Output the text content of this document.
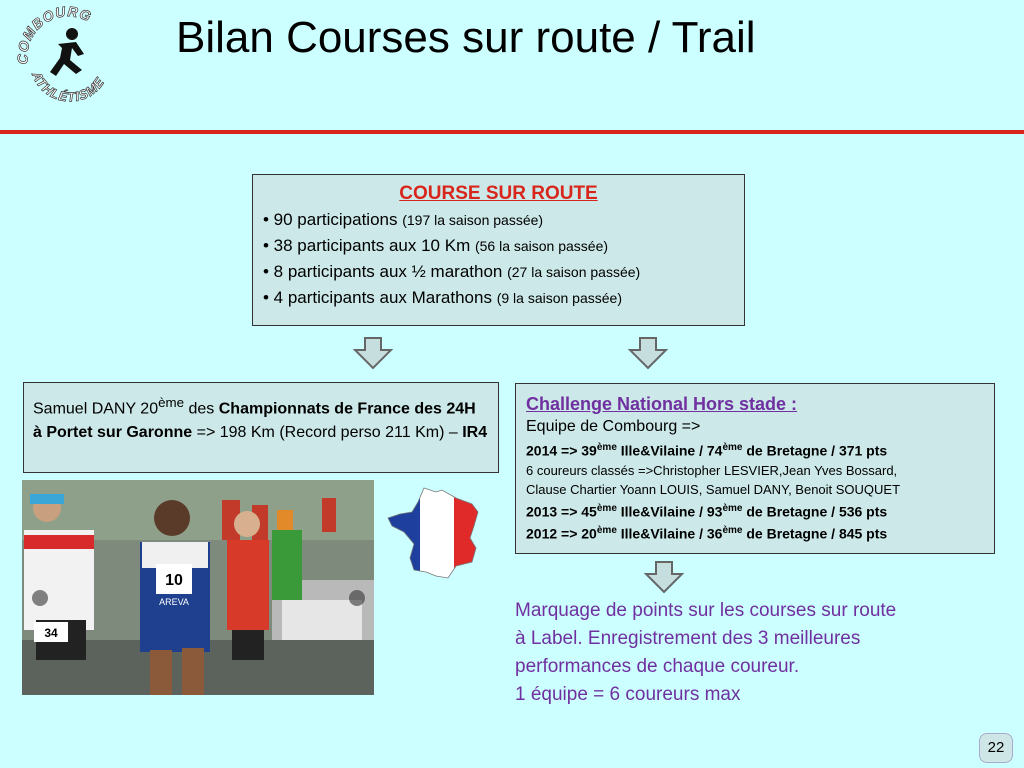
COMBOURG
ATHLÉTISME
Bilan Courses sur route / Trail
COURSE SUR ROUTE
• 90 participations (197 la saison passée)
• 38 participants aux 10 Km (56 la saison passée)
• 8 participants aux ½ marathon (27 la saison passée)
• 4 participants aux Marathons (9 la saison passée)

Samuel DANY 20ème des Championnats de France des 24H à Portet sur Garonne => 198 Km (Record perso 211 Km) – IR4

Challenge National Hors stade :
Equipe de Combourg =>
2014 => 39ème Ille&Vilaine / 74ème de Bretagne / 371 pts
6 coureurs classés =>Christopher LESVIER,Jean Yves Bossard,
Clause Chartier Yoann LOUIS, Samuel DANY, Benoit SOUQUET
2013 => 45ème Ille&Vilaine / 93ème de Bretagne / 536 pts
2012 => 20ème Ille&Vilaine / 36ème de Bretagne / 845 pts
34
10
AREVA	Marquage de points sur les courses sur route
à Label. Enregistrement des 3 meilleures
performances de chaque coureur.
1 équipe = 6 coureurs max
22
